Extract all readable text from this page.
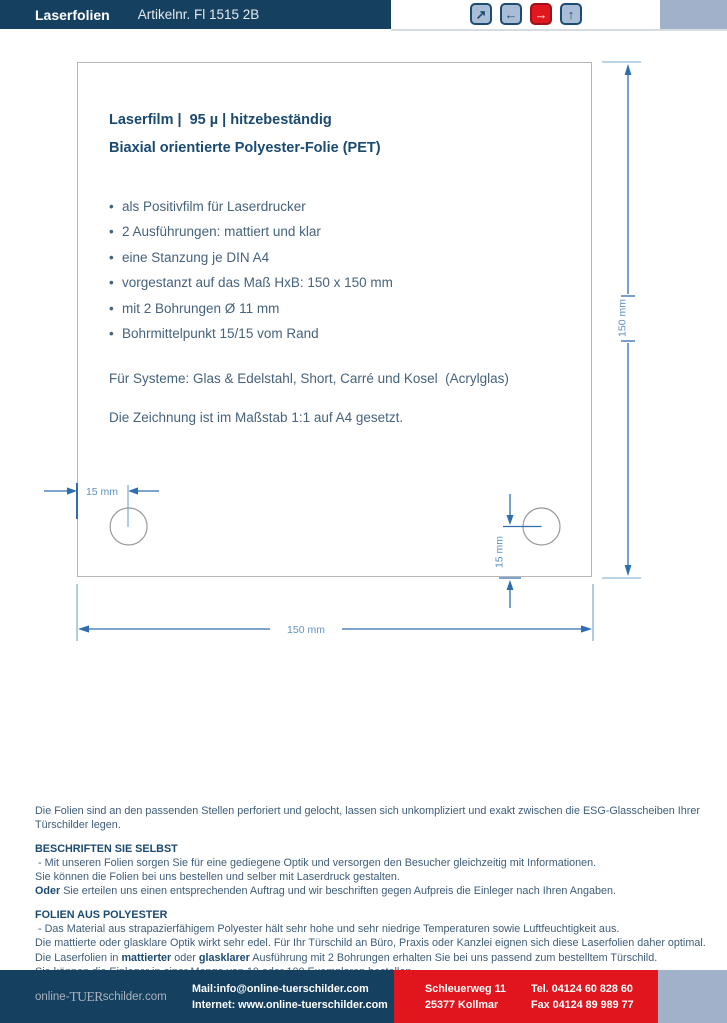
Laserfolien Artikelnr. Fl 1515 2B	↗ ← → ↑
Laserfilm |  95 µ | hitzebeständig
Biaxial orientierte Polyester-Folie (PET)
• als Positivfilm für Laserdrucker
• 2 Ausführungen: mattiert und klar
• eine Stanzung je DIN A4
• vorgestanzt auf das Maß HxB: 150 x 150 mm
• mit 2 Bohrungen Ø 11 mm
• Bohrmittelpunkt 15/15 vom Rand
Für Systeme: Glas & Edelstahl, Short, Carré und Kosel  (Acrylglas)
Die Zeichnung ist im Maßstab 1:1 auf A4 gesetzt.
15 mm
15 mm
150 mm
150 mm

Die Folien sind an den passenden Stellen perforiert und gelocht, lassen sich unkompliziert und exakt zwischen die ESG-Glasscheiben Ihrer
Türschilder legen.

BESCHRIFTEN SIE SELBST - Mit unseren Folien sorgen Sie für eine gediegene Optik und versorgen den Besucher gleichzeitig mit Informationen.
Sie können die Folien bei uns bestellen und selber mit Laserdruck gestalten.
Oder Sie erteilen uns einen entsprechenden Auftrag und wir beschriften gegen Aufpreis die Einleger nach Ihren Angaben.

FOLIEN AUS POLYESTER - Das Material aus strapazierfähigem Polyester hält sehr hohe und sehr niedrige Temperaturen sowie Luftfeuchtigkeit aus.
Die mattierte oder glasklare Optik wirkt sehr edel. Für Ihr Türschild an Büro, Praxis oder Kanzlei eignen sich diese Laserfolien daher optimal.
Die Laserfolien in mattierter oder glasklarer Ausführung mit 2 Bohrungen erhalten Sie bei uns passend zum bestelltem Türschild.

online- TUER schilder.com
Mail:info@online-tuerschilder.com
Internet: www.online-tuerschilder.com
Schleuerweg 11
25377 Kollmar
Tel. 04124 60 828 60
Fax 04124 89 989 77
